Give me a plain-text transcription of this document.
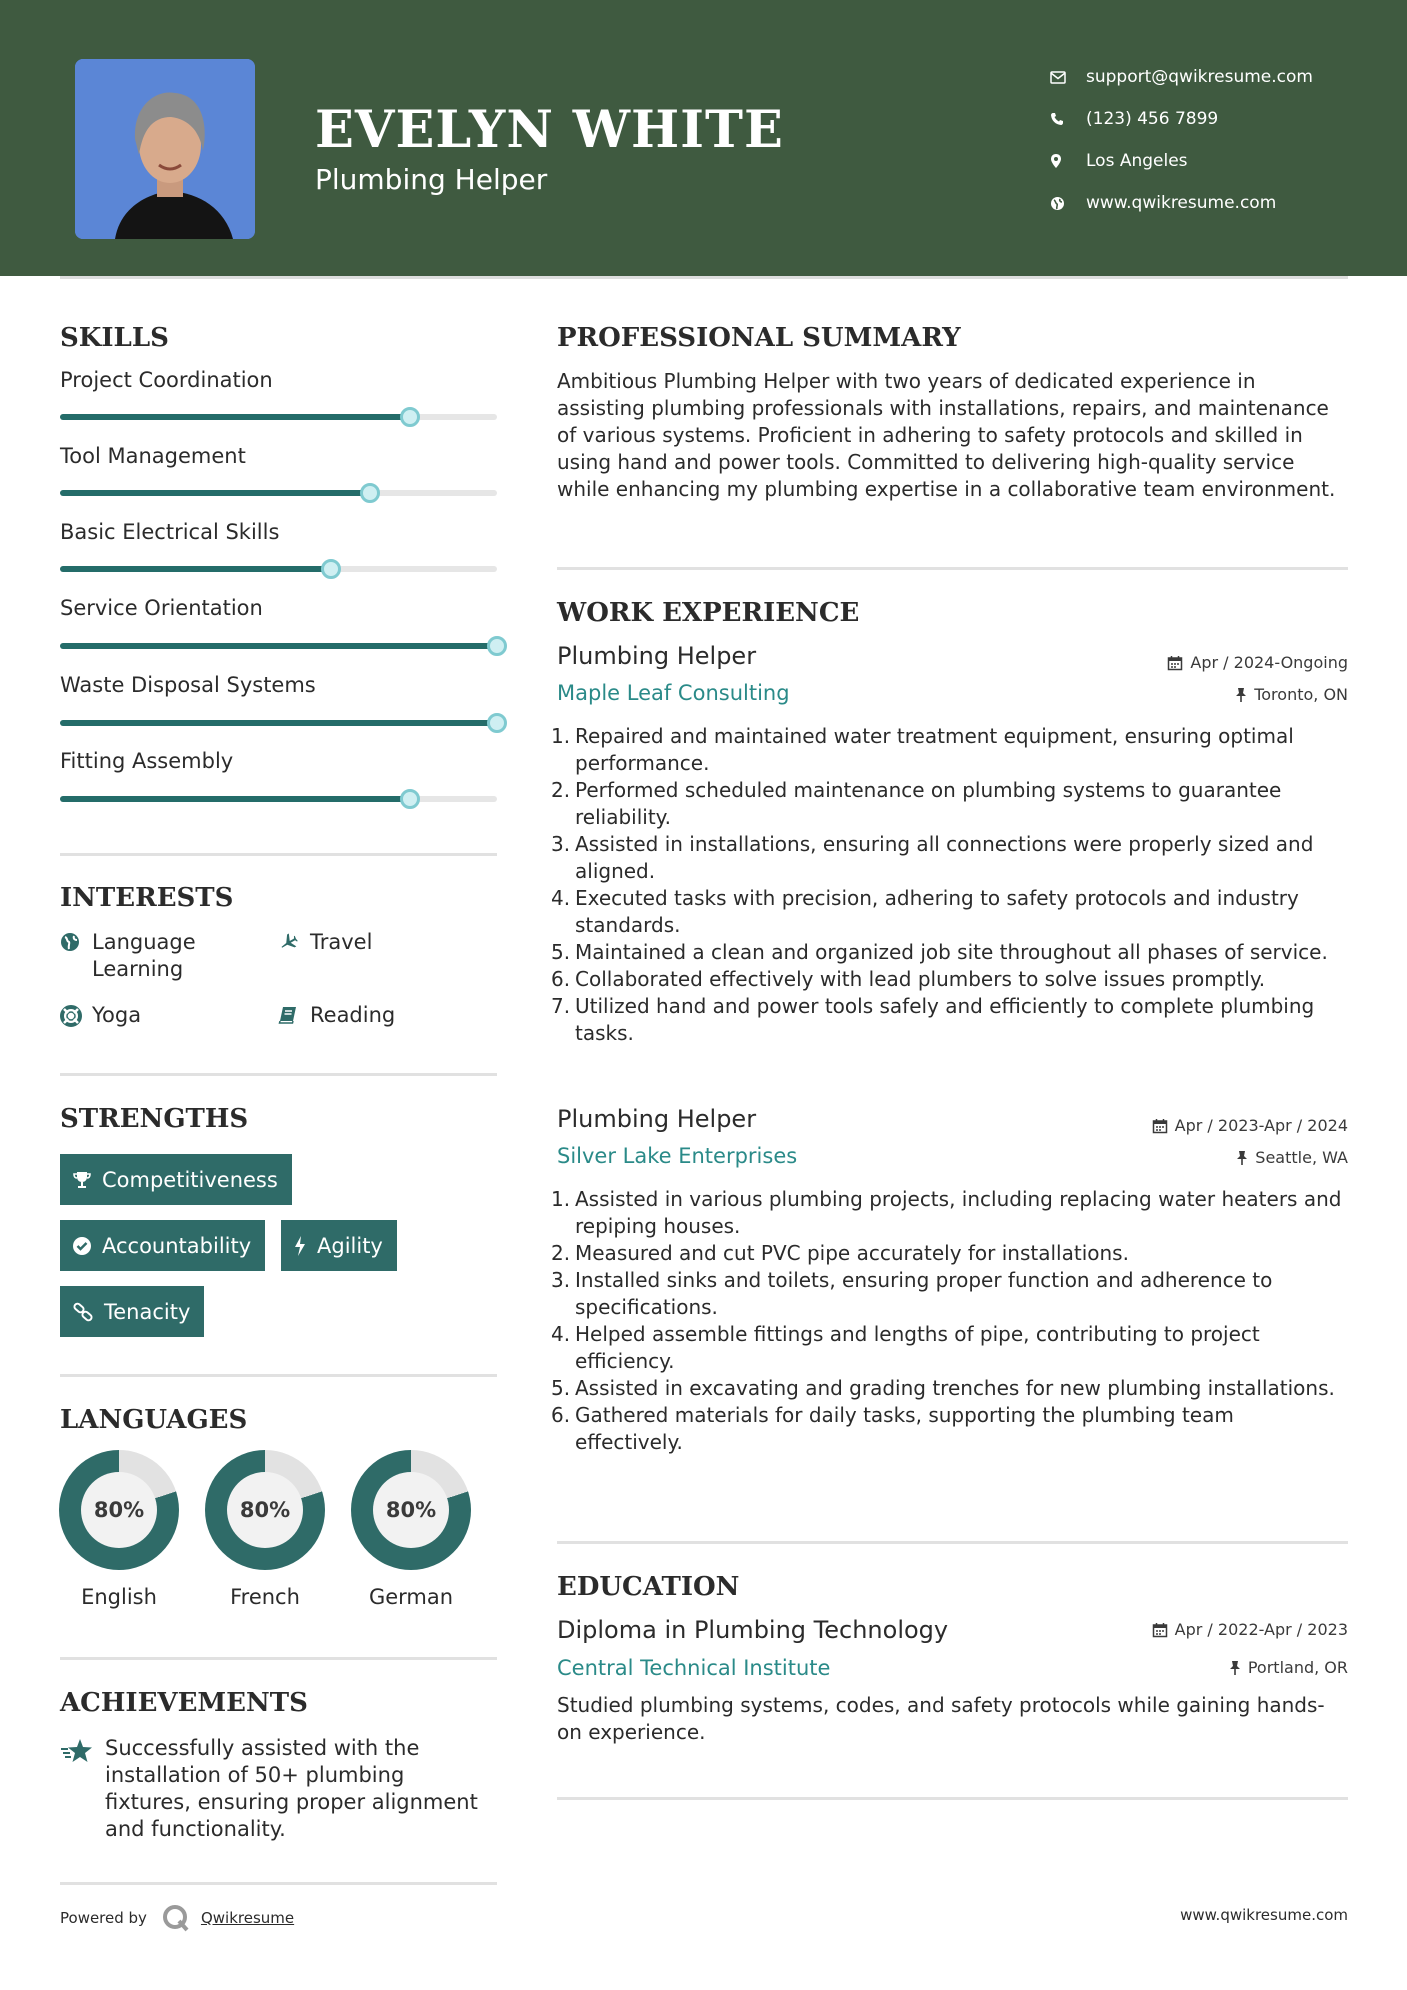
EVELYN WHITE
Plumbing Helper
support@qwikresume.com
(123) 456 7899
Los Angeles
www.qwikresume.com
SKILLS
Project Coordination
Tool Management
Basic Electrical Skills
Service Orientation
Waste Disposal Systems
Fitting Assembly
INTERESTS
Language Learning
Travel
Yoga	Reading
STRENGTHS
Competitiveness
Accountability	Agility
Tenacity
LANGUAGES
80%
English
80%
French
80%
German
ACHIEVEMENTS
Successfully assisted with the installation of 50+ plumbing fixtures, ensuring proper alignment and functionality.
PROFESSIONAL SUMMARY
Ambitious Plumbing Helper with two years of dedicated experience in assisting plumbing professionals with installations, repairs, and maintenance of various systems. Proficient in adhering to safety protocols and skilled in using hand and power tools. Committed to delivering high-quality service while enhancing my plumbing expertise in a collaborative team environment.
WORK EXPERIENCE
Plumbing Helper	Apr / 2024-Ongoing
Maple Leaf Consulting	Toronto, ON
1. Repaired and maintained water treatment equipment, ensuring optimal performance.
2. Performed scheduled maintenance on plumbing systems to guarantee reliability.
3. Assisted in installations, ensuring all connections were properly sized and aligned.
4. Executed tasks with precision, adhering to safety protocols and industry standards.
5. Maintained a clean and organized job site throughout all phases of service.
6. Collaborated effectively with lead plumbers to solve issues promptly.
7. Utilized hand and power tools safely and efficiently to complete plumbing tasks.
Plumbing Helper	Apr / 2023-Apr / 2024
Silver Lake Enterprises	Seattle, WA
1. Assisted in various plumbing projects, including replacing water heaters and repiping houses.
2. Measured and cut PVC pipe accurately for installations.
3. Installed sinks and toilets, ensuring proper function and adherence to specifications.
4. Helped assemble fittings and lengths of pipe, contributing to project efficiency.
5. Assisted in excavating and grading trenches for new plumbing installations.
6. Gathered materials for daily tasks, supporting the plumbing team effectively.
EDUCATION
Diploma in Plumbing Technology	Apr / 2022-Apr / 2023
Central Technical Institute	Portland, OR
Studied plumbing systems, codes, and safety protocols while gaining hands-on experience.
Powered by	Qwikresume	www.qwikresume.com
